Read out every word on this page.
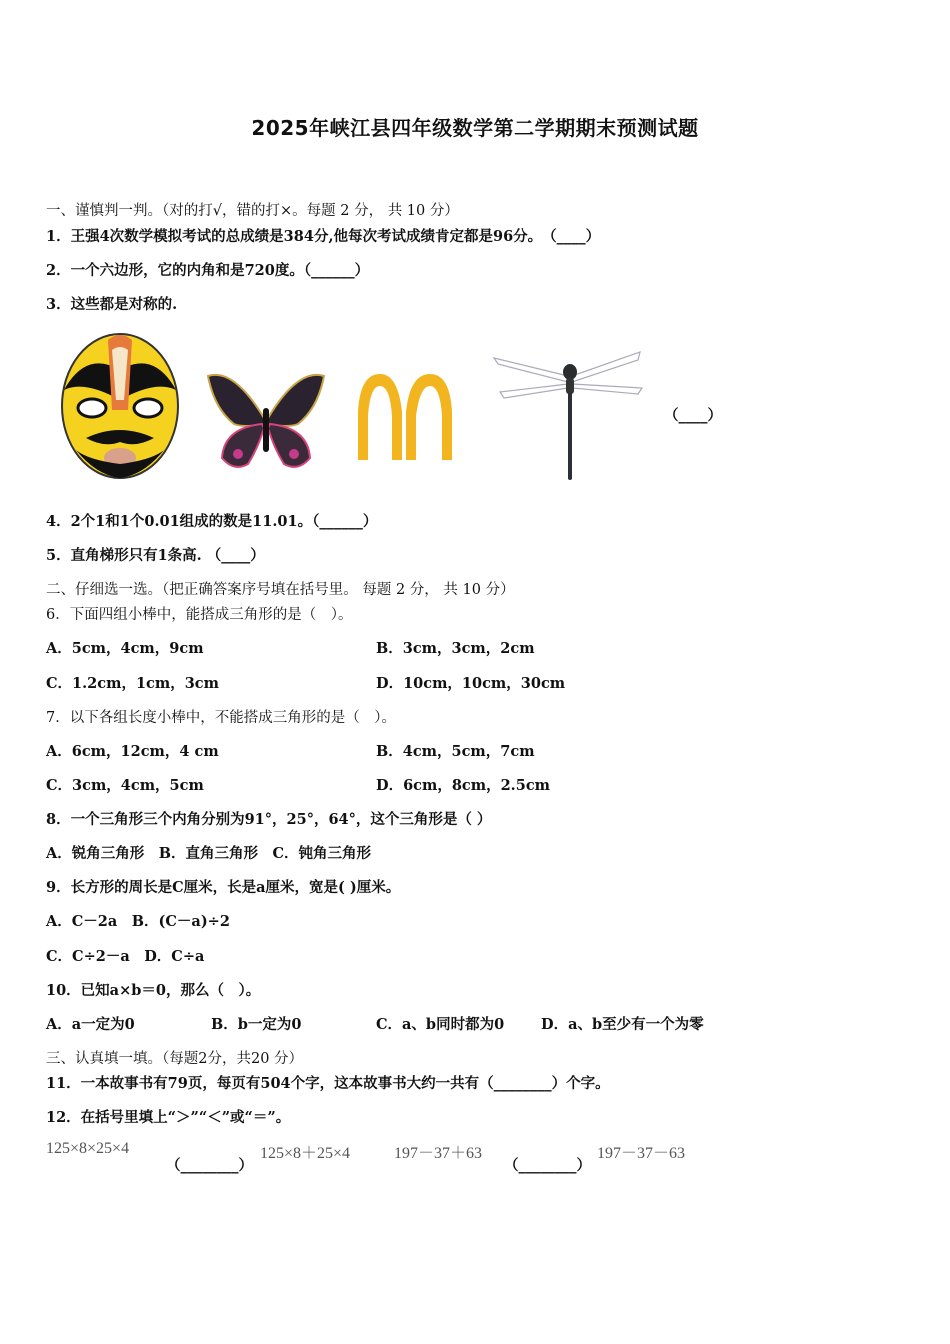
2025年峡江县四年级数学第二学期期末预测试题
一、谨慎判一判。（对的打√，错的打×。每题 2 分， 共 10 分）
1．王强4次数学模拟考试的总成绩是384分,他每次考试成绩肯定都是96分。　（____）
2．一个六边形，它的内角和是720度。（______）
3．这些都是对称的.
（____）
4．2个1和1个0.01组成的数是11.01。（______）
5．直角梯形只有1条高. （____）
二、仔细选一选。（把正确答案序号填在括号里。 每题 2 分， 共 10 分）
6．下面四组小棒中，能搭成三角形的是（　）。
A．5cm，4cm，9cm	B．3cm，3cm，2cm
C．1.2cm，1cm，3cm	D．10cm，10cm，30cm
7．以下各组长度小棒中，不能搭成三角形的是（　）。
A．6cm，12cm，4 cm	B．4cm，5cm，7cm
C．3cm，4cm，5cm	D．6cm，8cm，2.5cm
8．一个三角形三个内角分别为91°，25°，64°，这个三角形是（ ）
A．锐角三角形　B．直角三角形　C．钝角三角形
9．长方形的周长是C厘米，长是a厘米，宽是( )厘米。
A．C－2a　B．(C－a)÷2
C．C÷2－a　D．C÷a
10．已知a×b＝0，那么（　）。
A．a一定为0	B．b一定为0	C．a、b同时都为0	D．a、b至少有一个为零
三、认真填一填。（每题2分，共20 分）
11．一本故事书有79页，每页有504个字，这本故事书大约一共有（________）个字。
12．在括号里填上“＞”“＜”或“＝”。
125×8×25×4
（________）
125×8＋25×4	197－37＋63
（________）
197－37－63
